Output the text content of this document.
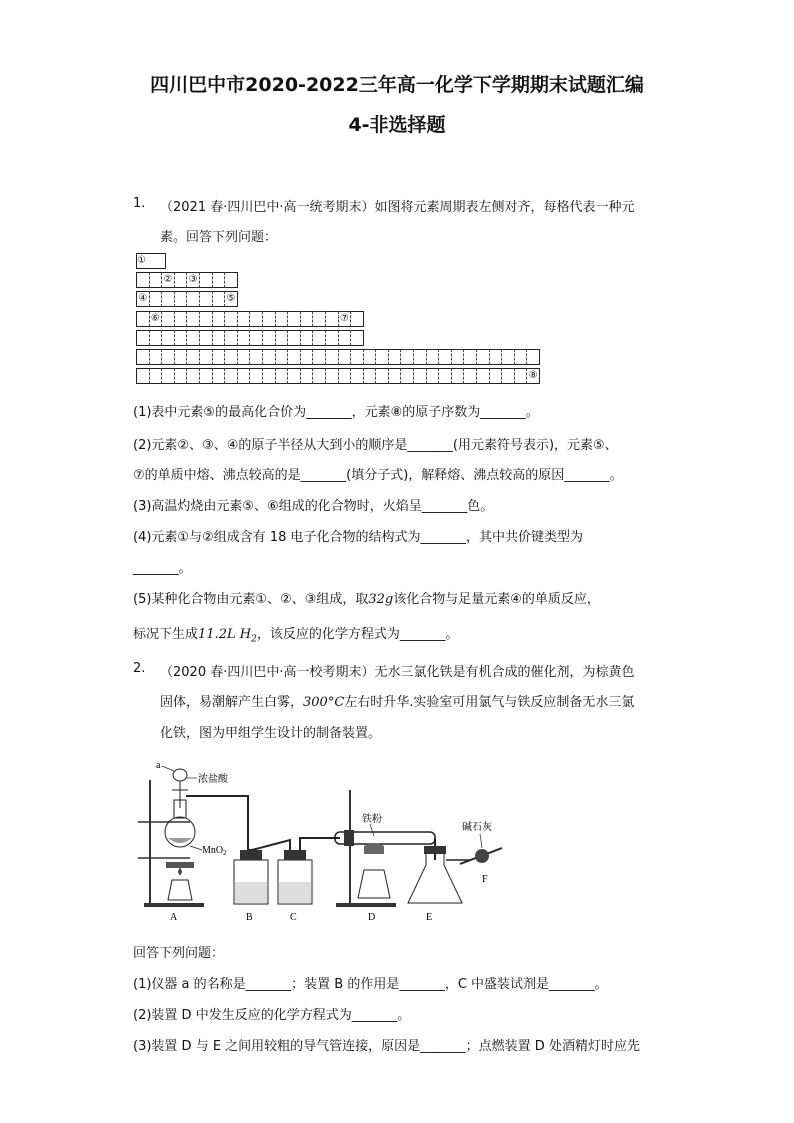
四川巴中市2020-2022三年高一化学下学期期末试题汇编
4-非选择题
1. （2021 春·四川巴中·高一统考期末）如图将元素周期表左侧对齐，每格代表一种元
素。回答下列问题：
①
② ③
④	⑤
⑥	⑦
⑧
(1)表中元素⑤的最高化合价为_______，元素⑧的原子序数为_______。
(2)元素②、③、④的原子半径从大到小的顺序是_______(用元素符号表示)，元素⑤、
⑦的单质中熔、沸点较高的是_______(填分子式)，解释熔、沸点较高的原因_______。
(3)高温灼烧由元素⑤、⑥组成的化合物时，火焰呈_______色。
(4)元素①与②组成含有 18 电子化合物的结构式为_______，其中共价键类型为
_______。
(5)某种化合物由元素①、②、③组成，取32g该化合物与足量元素④的单质反应，
标况下生成11.2L $H_2$，该反应的化学方程式为_______。
2. （2020 春·四川巴中·高一校考期末）无水三氯化铁是有机合成的催化剂，为棕黄色
固体，易潮解产生白雾，300°C左右时升华.实验室可用氯气与铁反应制备无水三氯
化铁，图为甲组学生设计的制备装置。
a
浓盐酸
MnO$_2$
铁粉
碱石灰
F
A	B	C	D	E
回答下列问题：
(1)仪器 a 的名称是_______；装置 B 的作用是_______，C 中盛装试剂是_______。
(2)装置 D 中发生反应的化学方程式为_______。
(3)装置 D 与 E 之间用较粗的导气管连接，原因是_______；点燃装置 D 处酒精灯时应先
